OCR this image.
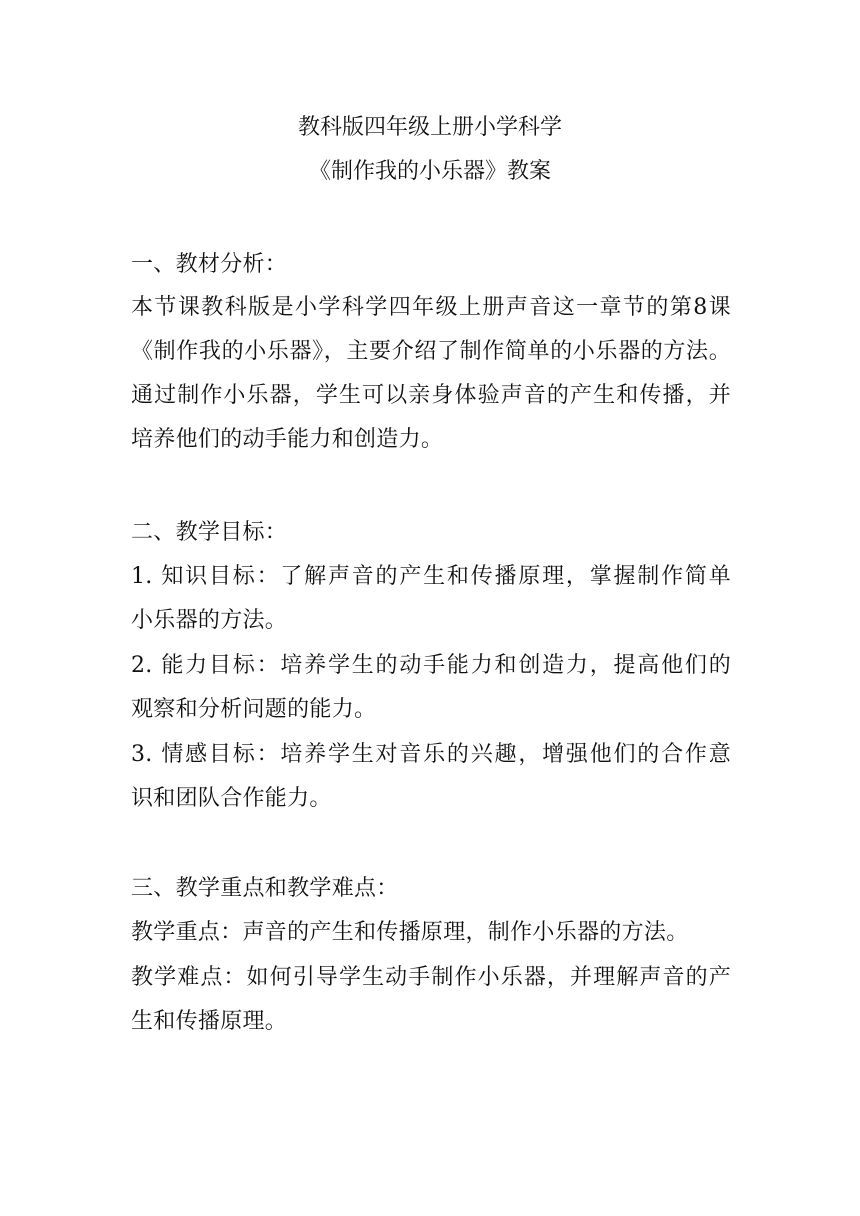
教科版四年级上册小学科学
《制作我的小乐器》教案
一、教材分析：
本节课教科版是小学科学四年级上册声音这一章节的第8课
《制作我的小乐器》，主要介绍了制作简单的小乐器的方法。
通过制作小乐器，学生可以亲身体验声音的产生和传播，并
培养他们的动手能力和创造力。
二、教学目标：
1. 知识目标：了解声音的产生和传播原理，掌握制作简单
小乐器的方法。
2. 能力目标：培养学生的动手能力和创造力，提高他们的
观察和分析问题的能力。
3. 情感目标：培养学生对音乐的兴趣，增强他们的合作意
识和团队合作能力。
三、教学重点和教学难点：
教学重点：声音的产生和传播原理，制作小乐器的方法。
教学难点：如何引导学生动手制作小乐器，并理解声音的产
生和传播原理。
